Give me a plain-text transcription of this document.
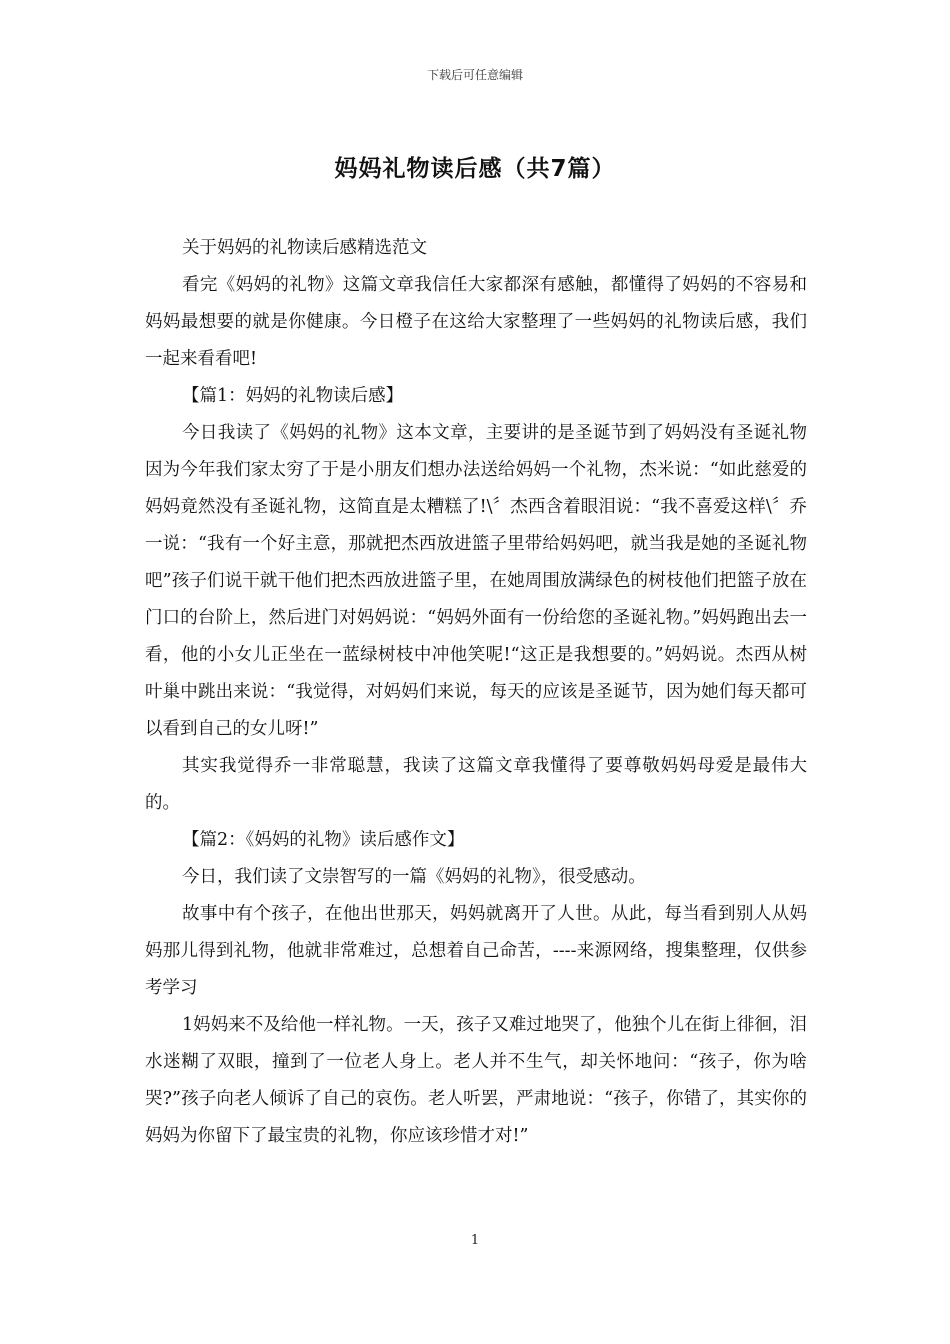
下载后可任意编辑
妈妈礼物读后感（共7篇）

关于妈妈的礼物读后感精选范文

看完《妈妈的礼物》这篇文章我信任大家都深有感触，都懂得了妈妈的不容易和妈妈最想要的就是你健康。今日橙子在这给大家整理了一些妈妈的礼物读后感，我们一起来看看吧!

【篇1：妈妈的礼物读后感】

今日我读了《妈妈的礼物》这本文章，主要讲的是圣诞节到了妈妈没有圣诞礼物因为今年我们家太穷了于是小朋友们想办法送给妈妈一个礼物，杰米说：“如此慈爱的妈妈竟然没有圣诞礼物，这简直是太糟糕了!\〞杰西含着眼泪说：“我不喜爱这样\〞乔一说：“我有一个好主意，那就把杰西放进篮子里带给妈妈吧，就当我是她的圣诞礼物吧”孩子们说干就干他们把杰西放进篮子里，在她周围放满绿色的树枝他们把篮子放在门口的台阶上，然后进门对妈妈说：“妈妈外面有一份给您的圣诞礼物。”妈妈跑出去一看，他的小女儿正坐在一蓝绿树枝中冲他笑呢!“这正是我想要的。”妈妈说。杰西从树叶巢中跳出来说：“我觉得，对妈妈们来说，每天的应该是圣诞节，因为她们每天都可以看到自己的女儿呀!”

其实我觉得乔一非常聪慧，我读了这篇文章我懂得了要尊敬妈妈母爱是最伟大的。

【篇2：《妈妈的礼物》读后感作文】

今日，我们读了文崇智写的一篇《妈妈的礼物》，很受感动。

故事中有个孩子，在他出世那天，妈妈就离开了人世。从此，每当看到别人从妈妈那儿得到礼物，他就非常难过，总想着自己命苦，----来源网络，搜集整理，仅供参考学习

1妈妈来不及给他一样礼物。一天，孩子又难过地哭了，他独个儿在街上徘徊，泪水迷糊了双眼，撞到了一位老人身上。老人并不生气，却关怀地问：“孩子，你为啥哭?”孩子向老人倾诉了自己的哀伤。老人听罢，严肃地说：“孩子，你错了，其实你的妈妈为你留下了最宝贵的礼物，你应该珍惜才对!”

1
